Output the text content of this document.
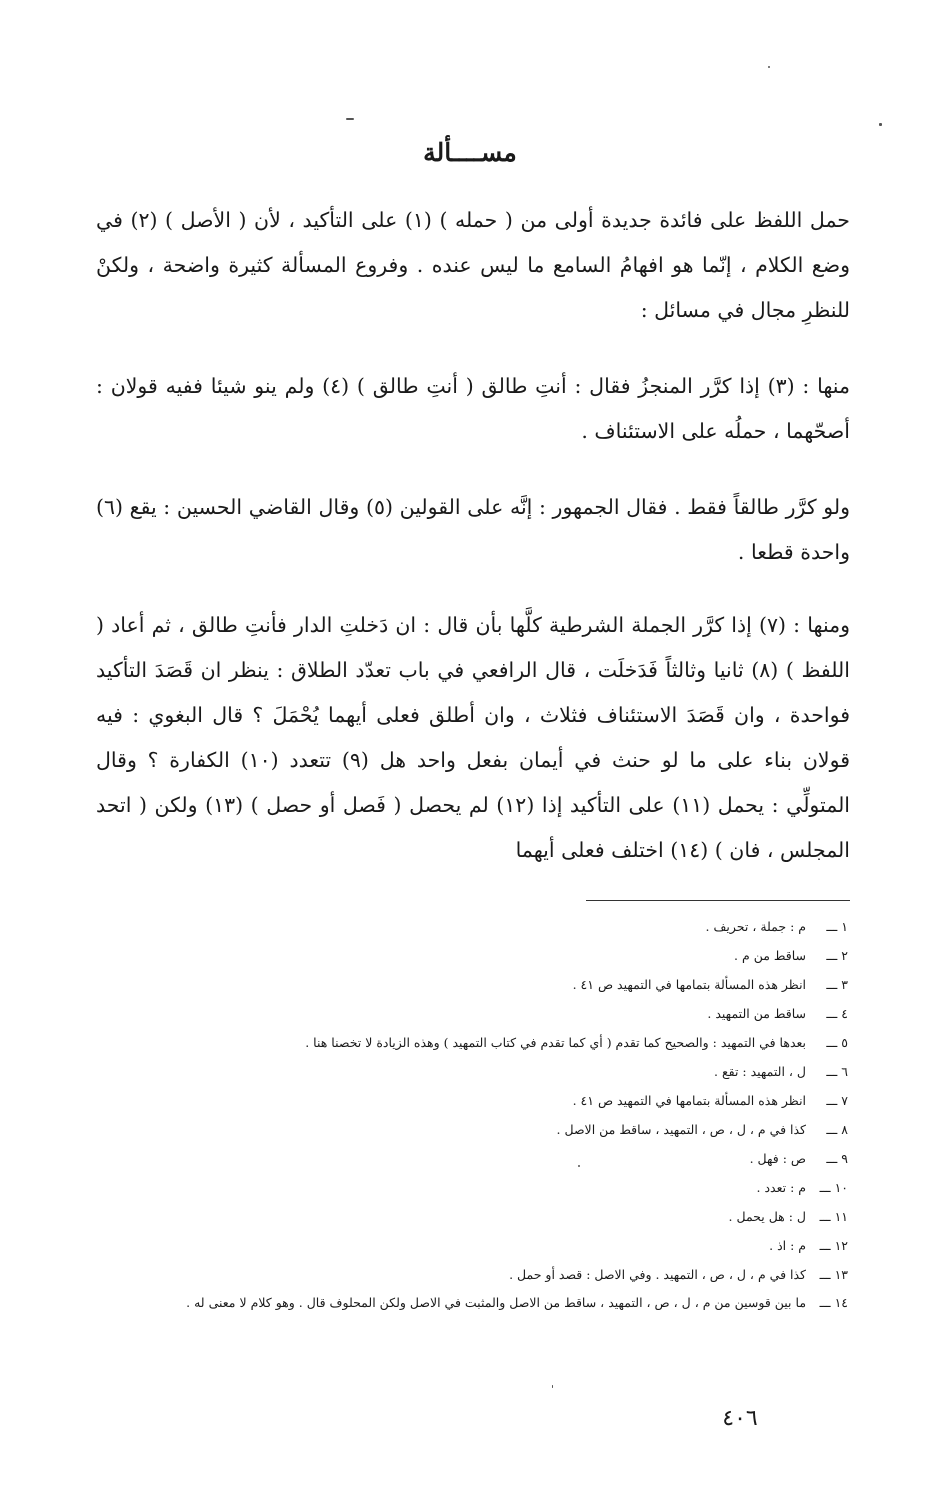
مســــألة

حمل اللفظ على فائدة جديدة أولى من ( حمله ) (١) على التأكيد ، لأن ( الأصل ) (٢) في وضع الكلام ، إنّما هو افهامُ السامع ما ليس عنده . وفروع المسألة كثيرة واضحة ، ولكنْ للنظرِ مجال في مسائل :

منها : (٣) إذا كرَّر المنجزُ فقال : أنتِ طالق ( أنتِ طالق ) (٤) ولم ينو شيئا ففيه قولان : أصحّهما ، حملُه على الاستئناف .

ولو كرَّر طالقاً فقط . فقال الجمهور : إنَّه على القولين (٥) وقال القاضي الحسين : يقع (٦) واحدة قطعا .

ومنها : (٧) إذا كرَّر الجملة الشرطية كلَّها بأن قال : ان دَخلتِ الدار فأنتِ طالق ، ثم أعاد ( اللفظ ) (٨) ثانيا وثالثاً فَدَخلَت ، قال الرافعي في باب تعدّد الطلاق : ينظر ان قَصَدَ التأكيد فواحدة ، وان قَصَدَ الاستئناف فثلاث ، وان أطلق فعلى أيهما يُحْمَلَ ؟ قال البغوي : فيه قولان بناء على ما لو حنث في أيمان بفعل واحد هل (٩) تتعدد (١٠) الكفارة ؟ وقال المتولِّي : يحمل (١١) على التأكيد إذا (١٢) لم يحصل ( فَصل أو حصل ) (١٣) ولكن ( اتحد المجلس ، فان ) (١٤) اختلف فعلى أيهما

١ ـــ م : جملة ، تحريف .
٢ ـــ ساقط من م .
٣ ـــ انظر هذه المسألة بتمامها في التمهيد ص ٤١ .
٤ ـــ ساقط من التمهيد .
٥ ـــ بعدها في التمهيد : والصحيح كما تقدم ( أي كما تقدم في كتاب التمهيد ) وهذه الزيادة لا تخصنا هنا .
٦ ـــ ل ، التمهيد : تقع .
٧ ـــ انظر هذه المسألة بتمامها في التمهيد ص ٤١ .
٨ ـــ كذا في م ، ل ، ص ، التمهيد ، ساقط من الاصل .
٩ ـــ ص : فهل .
١٠ ـــ م : تعدد .
١١ ـــ ل : هل يحمل .
١٢ ـــ م : اذ .
١٣ ـــ كذا في م ، ل ، ص ، التمهيد . وفي الاصل : قصد أو حمل .
١٤ ـــ ما بين قوسين من م ، ل ، ص ، التمهيد ، ساقط من الاصل والمثبت في الاصل ولكن المحلوف قال . وهو كلام لا معنى له .
٤٠٦
